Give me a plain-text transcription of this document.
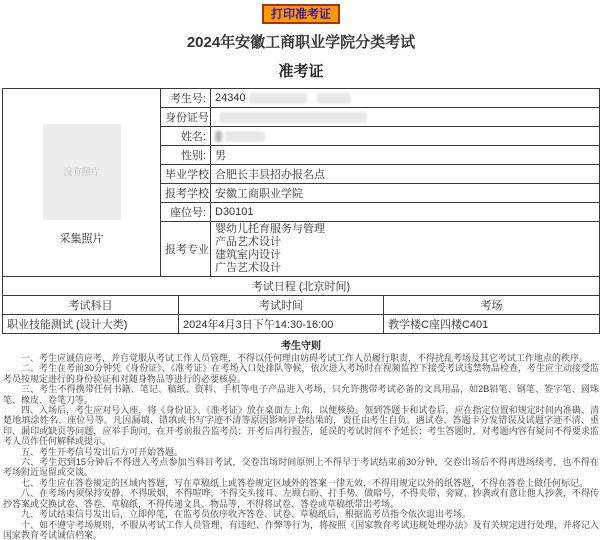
打印准考证
2024年安徽工商职业学院分类考试
准考证
没有照片
采集照片	考生号:	24340
	身份证号:	
	姓名:	
	性别:	男
	毕业学校:	合肥长丰县招办报名点
	报考学校:	安徽工商职业学院
	座位号:	D30101
	报考专业:	婴幼儿托育服务与管理
产品艺术设计
建筑室内设计
广告艺术设计
考试日程 (北京时间)		
考试科目	考试时间	考场
职业技能测试 (设计大类)	2024年4月3日下午14:30-16:00	教学楼C座四楼C401
考生守则

一、考生应诚信应考，并自觉服从考试工作人员管理，不得以任何理由妨碍考试工作人员履行职责，不得扰乱考场及其它考试工作地点的秩序。

二、考生在考前30分钟凭《身份证》、《准考证》在考场入口处排队等候，依次进入考场时在视频监控下接受考试违禁物品检查，考生应主动接受监考员按规定进行的身份验证和对随身物品等进行的必要核验。

三、考生不得携带任何书籍、笔记、稿纸、资料、手机等电子产品进入考场，只允许携带考试必备的文具用品，如2B铅笔、钢笔、签字笔、圆珠笔、橡皮、卷笔刀等。

四、入场后，考生应对号入座，将《身份证》、《准考证》放在桌面左上角，以便核验。领到答题卡和试卷后，应在指定位置和规定时间内准确、清楚地填涂姓名、座位号等。凡因漏填、错填或书写字迹不清等原因影响评卷结果的，责任由考生自负。遇试卷、答题卡分发错误及试题字迹不清、重印、漏印或缺页等问题，应举手询问，在开考前报告监考员；开考后再行报告，延误的考试时间不予延长；考生答题时，对考题内容有疑问不得要求监考人员作任何解释或提示。

五、考生开考信号发出后方可开始答题。

六、考生迟到15分钟后不得进入考点参加当科目考试，交卷出场时间原则上不得早于考试结束前30分钟，交卷出场后不得再进场续考，也不得在考场附近逗留或交谈。

七、考生应在答卷规定的区域内答题，写在草稿纸上或答卷规定区域外的答案一律无效，不得用规定以外的纸答题，不得在答卷上做任何标记。

八、在考场内须保持安静，不得吸烟，不得喧哗，不得交头接耳、左顾右盼、打手势、做暗号，不得夹带、旁窥、抄袭或有意让他人抄袭，不得传抄答案或交换试卷、答卷、草稿纸，不得传递文具、物品等，不得将试卷、答卷或草稿纸带出考场。

九、考试结束信号发出后，立即停笔，在监考员依序收齐答卷、试卷、草稿纸后，根据监考员指令依次退出考场。

十、如不遵守考场规则，不服从考试工作人员管理，有违纪、作弊等行为，将按照《国家教育考试违规处理办法》及有关规定进行处理，并将记入国家教育考试诚信档案。
